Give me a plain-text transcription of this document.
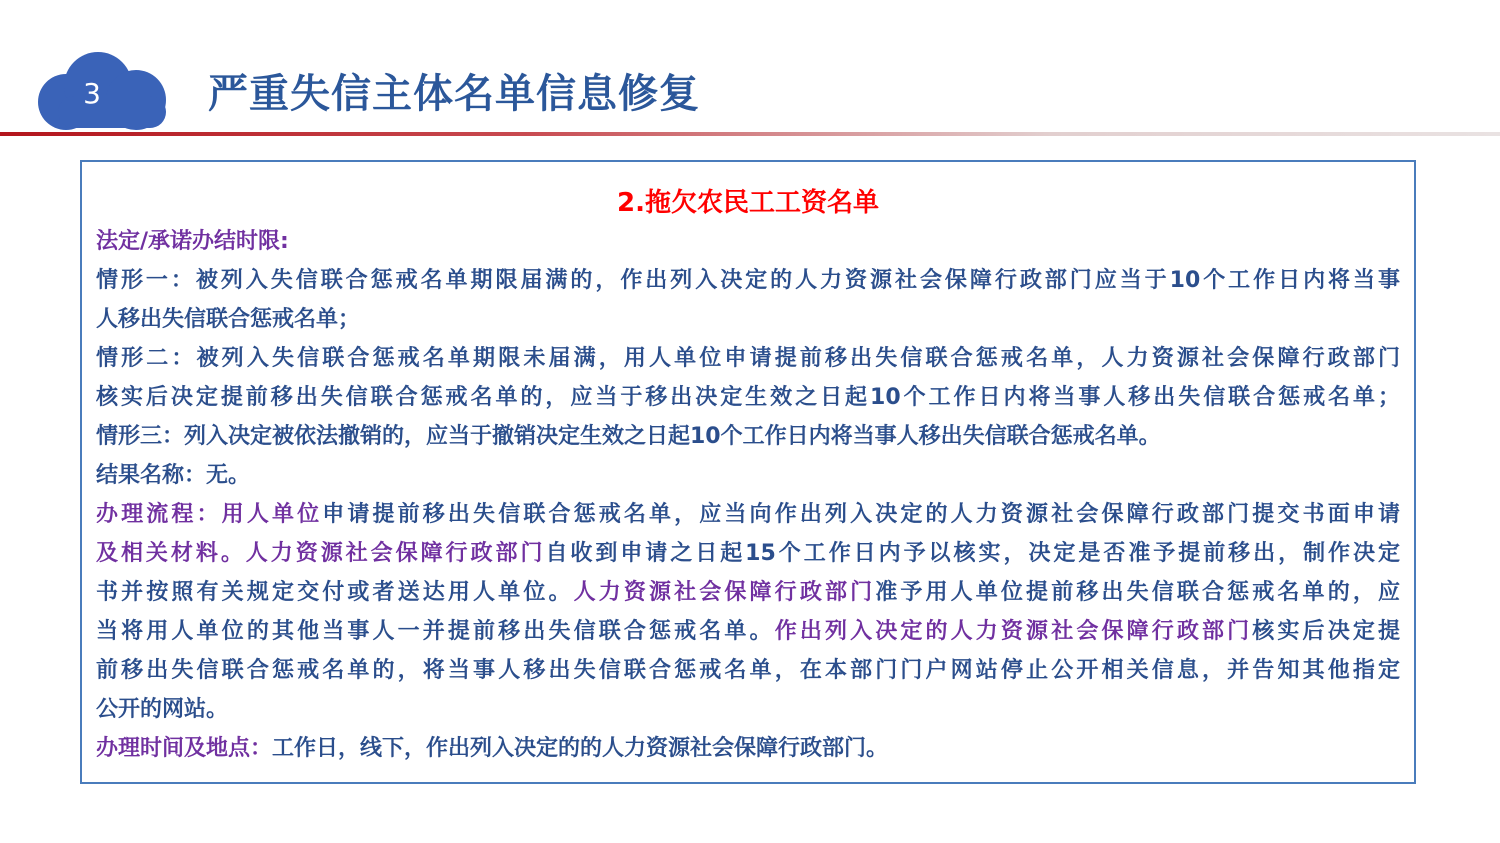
3	严重失信主体名单信息修复
2.拖欠农民工工资名单
法定/承诺办结时限:
情形一：被列入失信联合惩戒名单期限届满的，作出列入决定的人力资源社会保障行政部门应当于10个工作日内将当事
人移出失信联合惩戒名单；
情形二：被列入失信联合惩戒名单期限未届满，用人单位申请提前移出失信联合惩戒名单，人力资源社会保障行政部门
核实后决定提前移出失信联合惩戒名单的，应当于移出决定生效之日起10个工作日内将当事人移出失信联合惩戒名单；
情形三：列入决定被依法撤销的，应当于撤销决定生效之日起10个工作日内将当事人移出失信联合惩戒名单。
结果名称：无。
办理流程：用人单位申请提前移出失信联合惩戒名单，应当向作出列入决定的人力资源社会保障行政部门提交书面申请
及相关材料。人力资源社会保障行政部门自收到申请之日起15个工作日内予以核实，决定是否准予提前移出，制作决定
书并按照有关规定交付或者送达用人单位。人力资源社会保障行政部门准予用人单位提前移出失信联合惩戒名单的，应
当将用人单位的其他当事人一并提前移出失信联合惩戒名单。作出列入决定的人力资源社会保障行政部门核实后决定提
前移出失信联合惩戒名单的，将当事人移出失信联合惩戒名单，在本部门门户网站停止公开相关信息，并告知其他指定
公开的网站。
办理时间及地点：工作日，线下，作出列入决定的的人力资源社会保障行政部门。
